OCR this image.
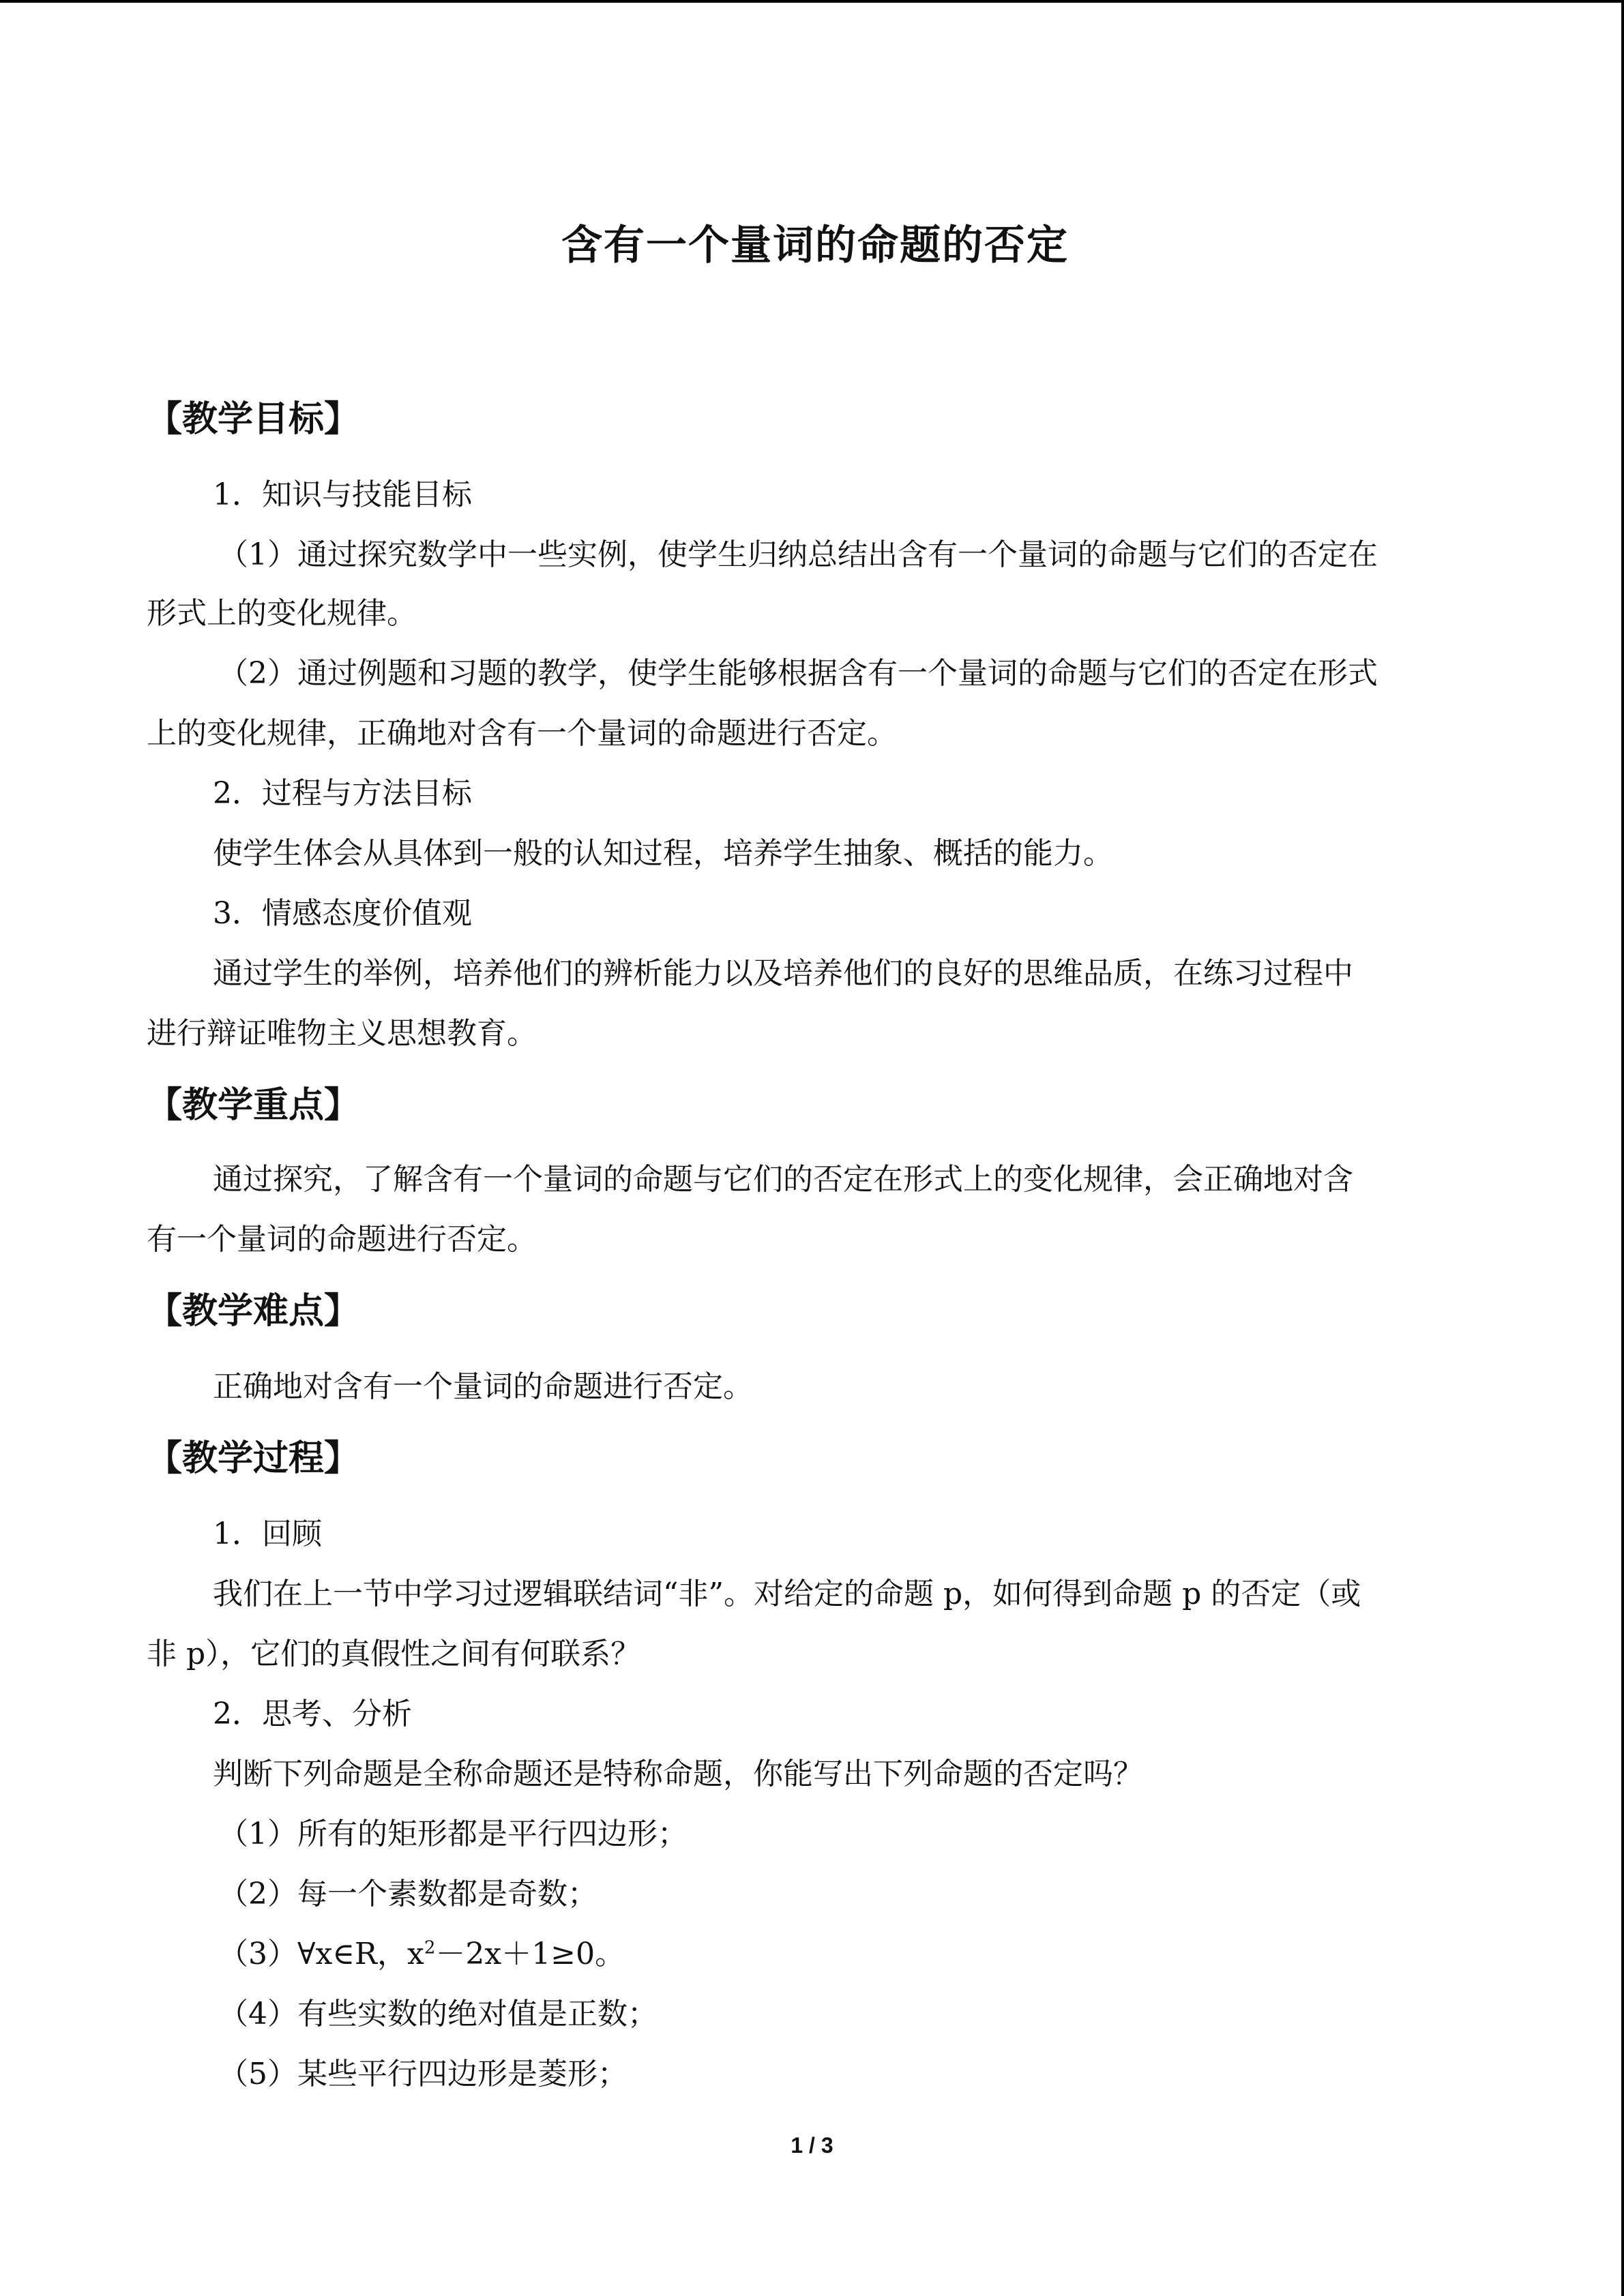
含有一个量词的命题的否定
【教学目标】
1．知识与技能目标
（1）通过探究数学中一些实例，使学生归纳总结出含有一个量词的命题与它们的否定在
形式上的变化规律。
（2）通过例题和习题的教学，使学生能够根据含有一个量词的命题与它们的否定在形式
上的变化规律，正确地对含有一个量词的命题进行否定。
2．过程与方法目标
使学生体会从具体到一般的认知过程，培养学生抽象、概括的能力。
3．情感态度价值观
通过学生的举例，培养他们的辨析能力以及培养他们的良好的思维品质，在练习过程中
进行辩证唯物主义思想教育。
【教学重点】
通过探究，了解含有一个量词的命题与它们的否定在形式上的变化规律，会正确地对含
有一个量词的命题进行否定。
【教学难点】
正确地对含有一个量词的命题进行否定。
【教学过程】
1．回顾
我们在上一节中学习过逻辑联结词“非”。对给定的命题 p，如何得到命题 p 的否定（或
非 p），它们的真假性之间有何联系？
2．思考、分析
判断下列命题是全称命题还是特称命题，你能写出下列命题的否定吗？
（1）所有的矩形都是平行四边形；
（2）每一个素数都是奇数；
（3）∀x∈R，$x^2-2x+1\ge 0$。
（4）有些实数的绝对值是正数；
（5）某些平行四边形是菱形；
1 / 3
